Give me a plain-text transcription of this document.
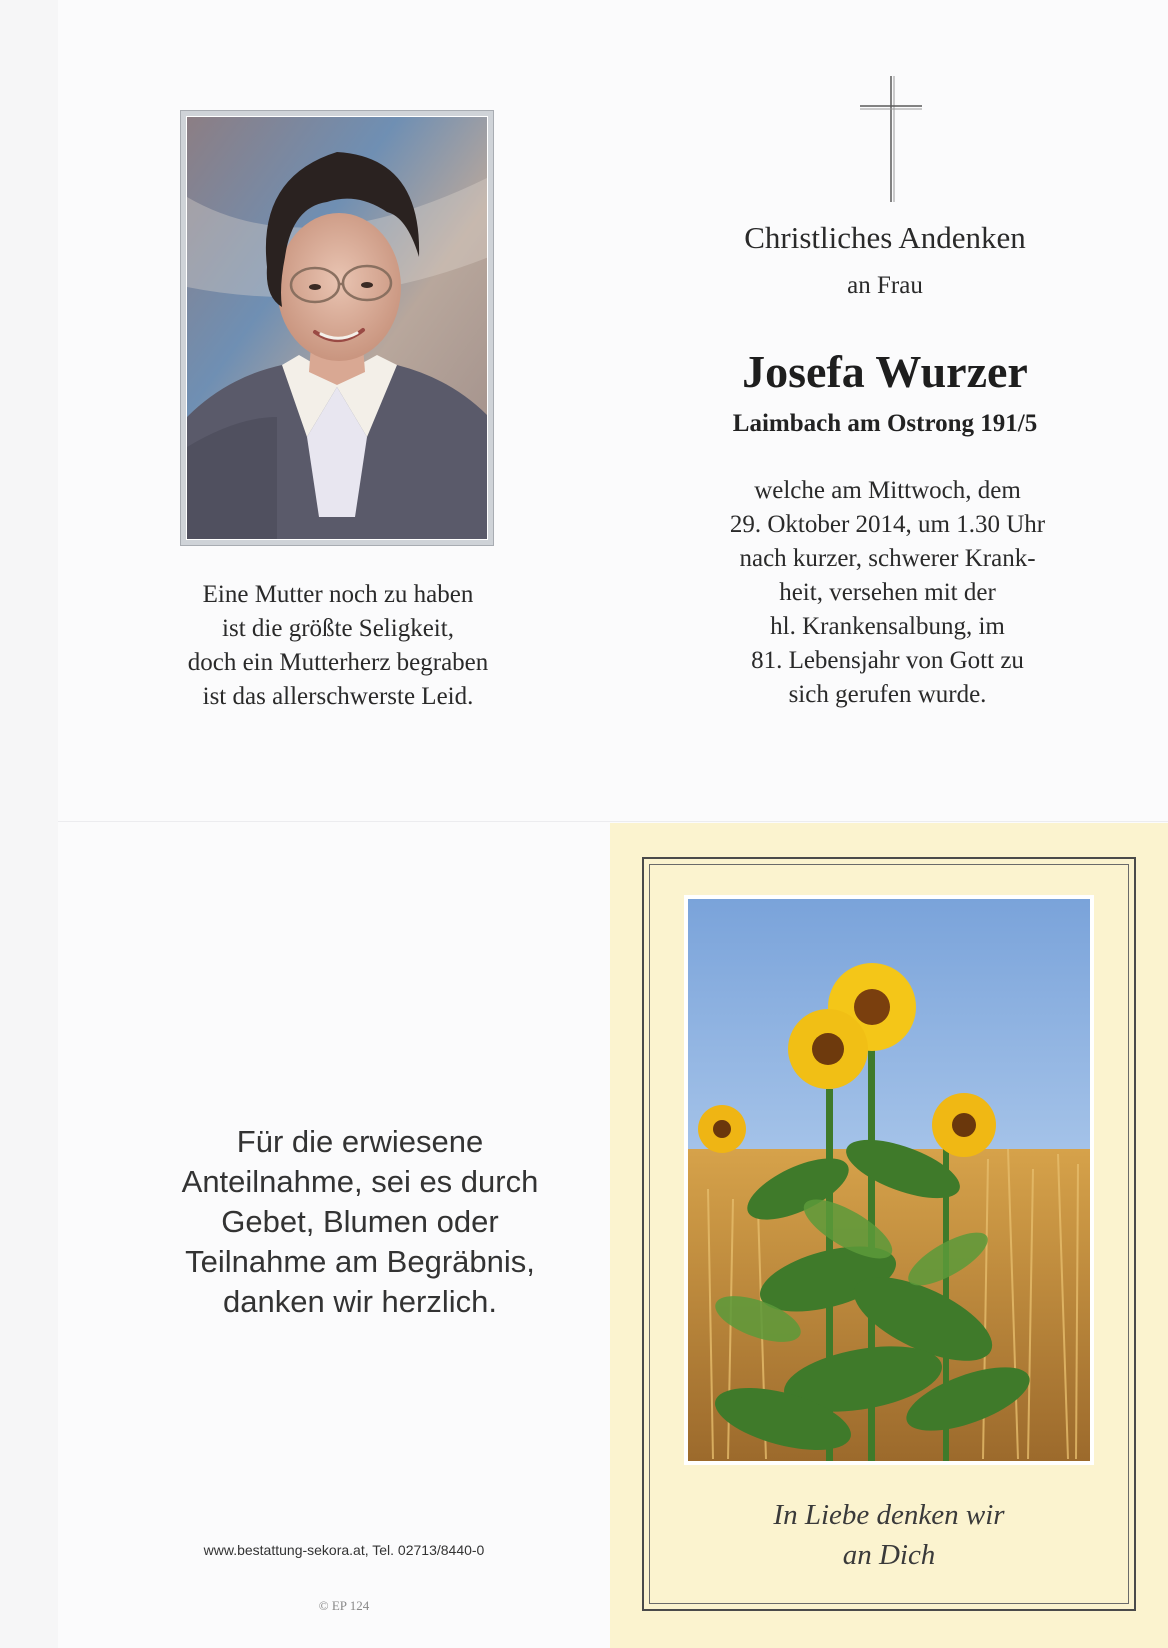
Eine Mutter noch zu haben
ist die größte Seligkeit,
doch ein Mutterherz begraben
ist das allerschwerste Leid.
Christliches Andenken
an Frau
Josefa Wurzer
Laimbach am Ostrong 191/5
welche am Mittwoch, dem
29. Oktober 2014, um 1.30 Uhr
nach kurzer, schwerer Krank-
heit, versehen mit der
hl. Krankensalbung, im
81. Lebensjahr von Gott zu
sich gerufen wurde.
Für die erwiesene
Anteilnahme, sei es durch
Gebet, Blumen oder
Teilnahme am Begräbnis,
danken wir herzlich.
www.bestattung-sekora.at, Tel. 02713/8440-0
© EP 124
In Liebe denken wir
an Dich
